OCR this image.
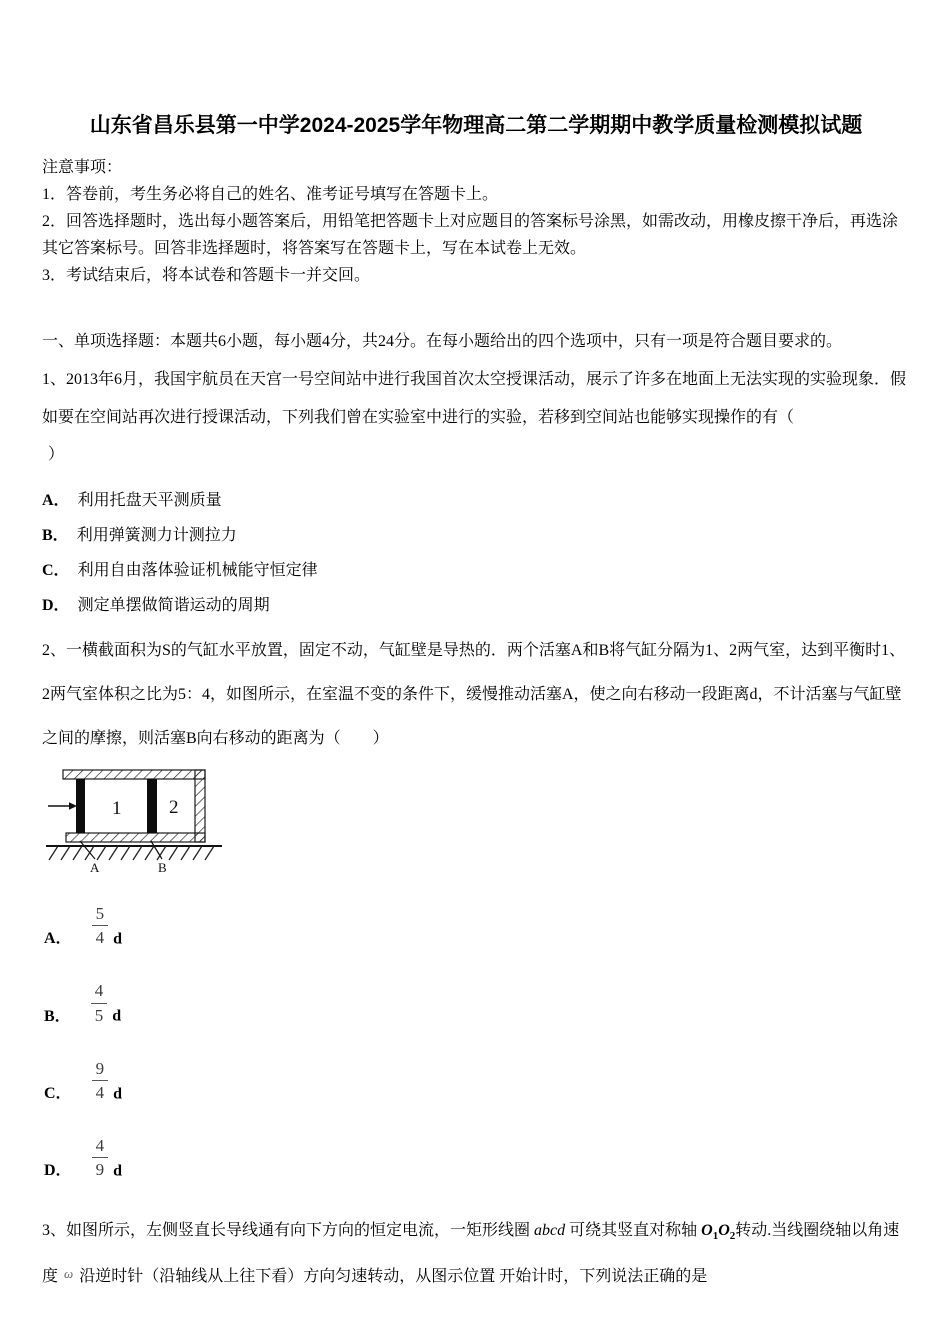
山东省昌乐县第一中学2024-2025学年物理高二第二学期期中教学质量检测模拟试题
注意事项：
1．答卷前，考生务必将自己的姓名、准考证号填写在答题卡上。
2．回答选择题时，选出每小题答案后，用铅笔把答题卡上对应题目的答案标号涂黑，如需改动，用橡皮擦干净后，再选涂其它答案标号。回答非选择题时，将答案写在答题卡上，写在本试卷上无效。
3．考试结束后，将本试卷和答题卡一并交回。
一、单项选择题：本题共6小题，每小题4分，共24分。在每小题给出的四个选项中，只有一项是符合题目要求的。
1、2013年6月，我国宇航员在天宫一号空间站中进行我国首次太空授课活动，展示了许多在地面上无法实现的实验现象．假如要在空间站再次进行授课活动，下列我们曾在实验室中进行的实验，若移到空间站也能够实现操作的有（
）
A． 利用托盘天平测质量
B． 利用弹簧测力计测拉力
C． 利用自由落体验证机械能守恒定律
D． 测定单摆做简谐运动的周期
2、一横截面积为S的气缸水平放置，固定不动，气缸壁是导热的．两个活塞A和B将气缸分隔为1、2两气室，达到平衡时1、2两气室体积之比为5：4，如图所示，在室温不变的条件下，缓慢推动活塞A，使之向右移动一段距离d，不计活塞与气缸壁之间的摩擦，则活塞B向右移动的距离为（　　）
1	2
A	B
A． $\frac{5}{4}$ d
B． $\frac{4}{5}$ d
C． $\frac{9}{4}$ d
D． $\frac{4}{9}$ d

3、如图所示，左侧竖直长导线通有向下方向的恒定电流，一矩形线圈 abcd 可绕其竖直对称轴 $O_1O_2$转动.当线圈绕轴以角速度 ω 沿逆时针（沿轴线从上往下看）方向匀速转动，从图示位置 开始计时，下列说法正确的是
